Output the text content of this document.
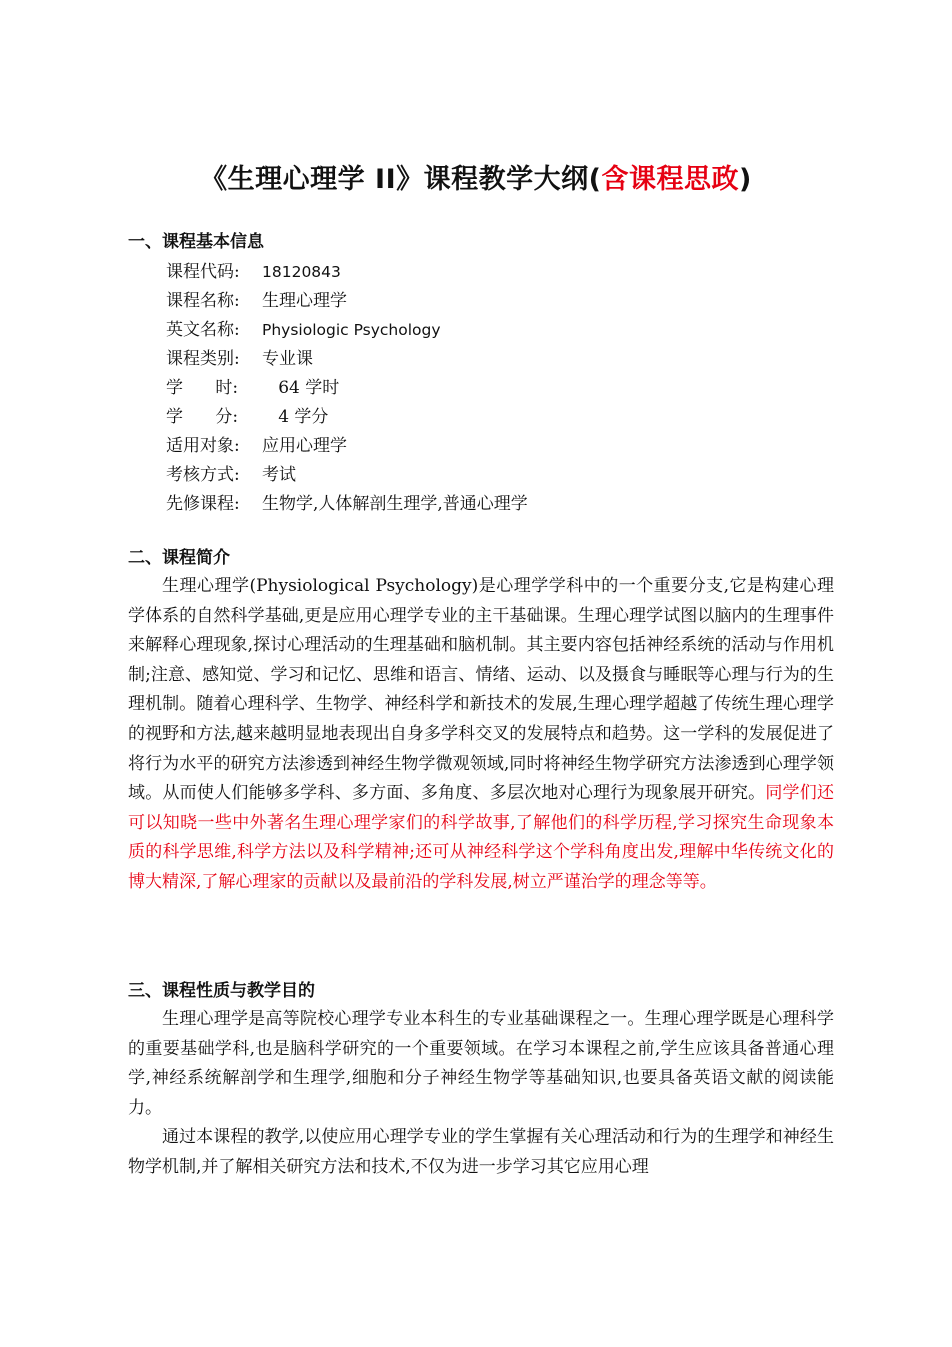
《生理心理学 II》课程教学大纲(含课程思政)
一、课程基本信息
课程代码: 18120843
课程名称: 生理心理学
英文名称: Physiologic Psychology
课程类别: 专业课
学      时:   64 学时
学      分:   4 学分
适用对象: 应用心理学
考核方式: 考试
先修课程: 生物学,人体解剖生理学,普通心理学
二、课程简介

生理心理学(Physiological Psychology)是心理学学科中的一个重要分支,它是构建心理学体系的自然科学基础,更是应用心理学专业的主干基础课。生理心理学试图以脑内的生理事件来解释心理现象,探讨心理活动的生理基础和脑机制。其主要内容包括神经系统的活动与作用机制;注意、感知觉、学习和记忆、思维和语言、情绪、运动、以及摄食与睡眠等心理与行为的生理机制。随着心理科学、生物学、神经科学和新技术的发展,生理心理学超越了传统生理心理学的视野和方法,越来越明显地表现出自身多学科交叉的发展特点和趋势。这一学科的发展促进了将行为水平的研究方法渗透到神经生物学微观领域,同时将神经生物学研究方法渗透到心理学领域。从而使人们能够多学科、多方面、多角度、多层次地对心理行为现象展开研究。同学们还可以知晓一些中外著名生理心理学家们的科学故事,了解他们的科学历程,学习探究生命现象本质的科学思维,科学方法以及科学精神;还可从神经科学这个学科角度出发,理解中华传统文化的博大精深,了解心理家的贡献以及最前沿的学科发展,树立严谨治学的理念等等。

三、课程性质与教学目的

生理心理学是高等院校心理学专业本科生的专业基础课程之一。生理心理学既是心理科学的重要基础学科,也是脑科学研究的一个重要领域。在学习本课程之前,学生应该具备普通心理学,神经系统解剖学和生理学,细胞和分子神经生物学等基础知识,也要具备英语文献的阅读能力。

通过本课程的教学,以使应用心理学专业的学生掌握有关心理活动和行为的生理学和神经生物学机制,并了解相关研究方法和技术,不仅为进一步学习其它应用心理
